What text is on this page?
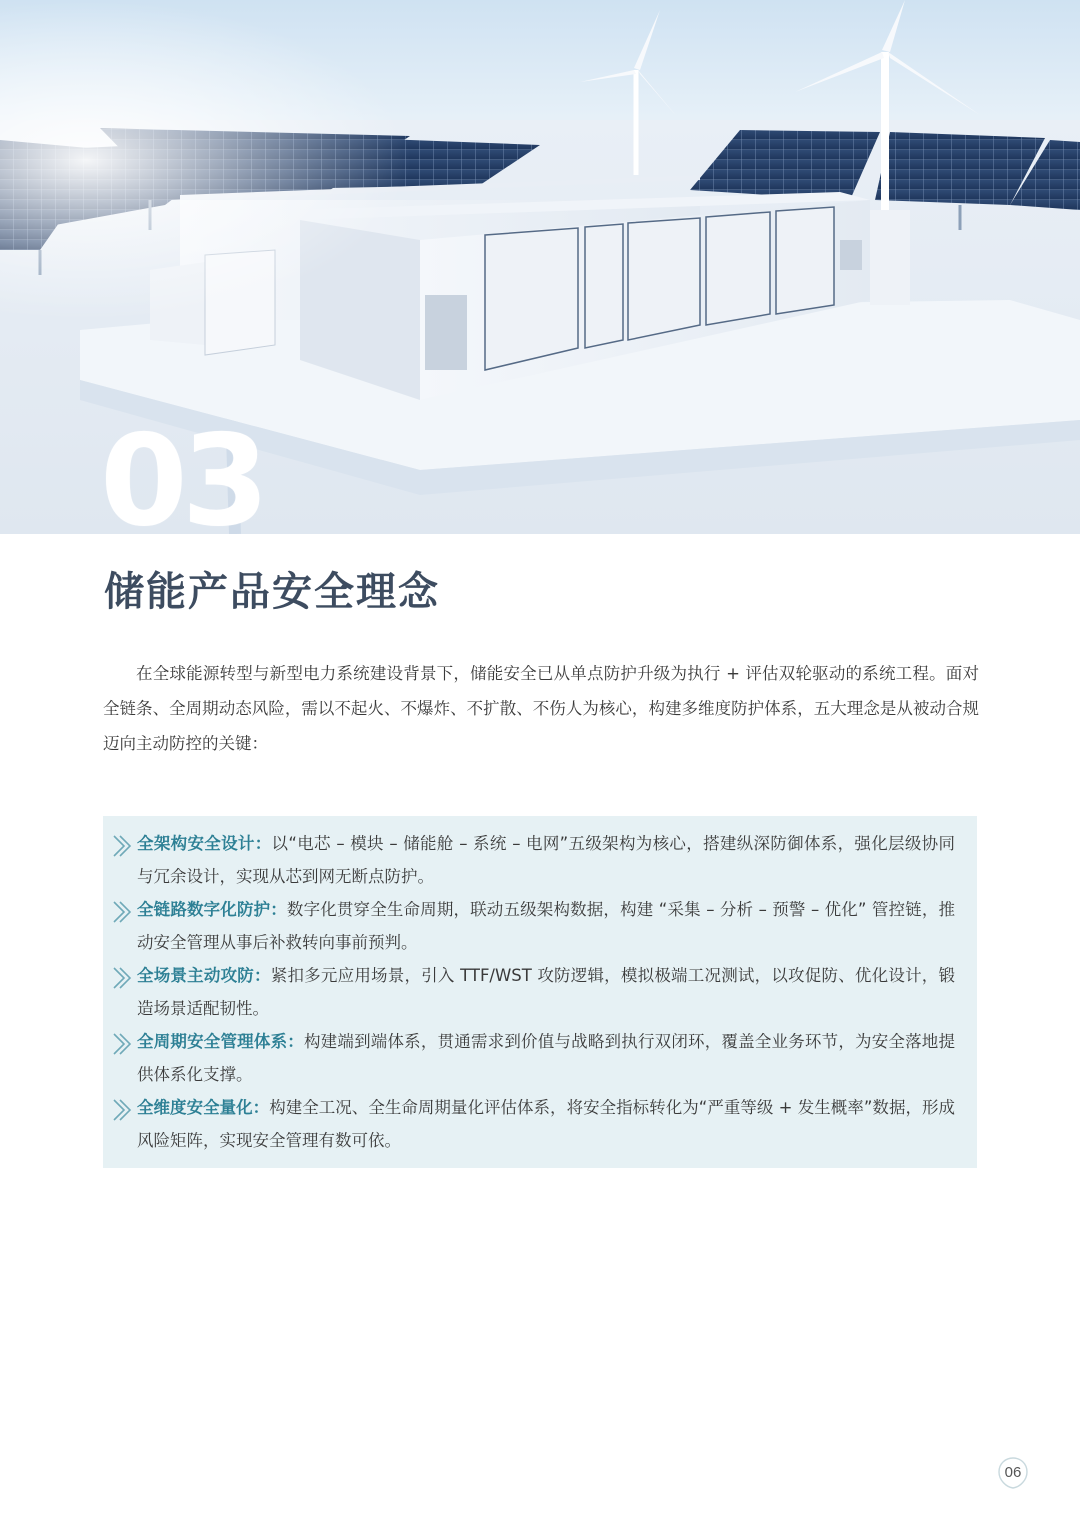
03
储能产品安全理念

在全球能源转型与新型电力系统建设背景下，储能安全已从单点防护升级为执行 + 评估双轮驱动的系统工程。面对全链条、全周期动态风险，需以不起火、不爆炸、不扩散、不伤人为核心，构建多维度防护体系，五大理念是从被动合规迈向主动防控的关键：

全架构安全设计：以“电芯 – 模块 – 储能舱 – 系统 – 电网”五级架构为核心，搭建纵深防御体系，强化层级协同与冗余设计，实现从芯到网无断点防护。

全链路数字化防护：数字化贯穿全生命周期，联动五级架构数据，构建 “采集 – 分析 – 预警 – 优化” 管控链，推动安全管理从事后补救转向事前预判。

全场景主动攻防：紧扣多元应用场景，引入 TTF/WST 攻防逻辑，模拟极端工况测试，以攻促防、优化设计，锻造场景适配韧性。

全周期安全管理体系：构建端到端体系，贯通需求到价值与战略到执行双闭环，覆盖全业务环节，为安全落地提供体系化支撑。

全维度安全量化：构建全工况、全生命周期量化评估体系，将安全指标转化为“严重等级 + 发生概率”数据，形成风险矩阵，实现安全管理有数可依。

06
